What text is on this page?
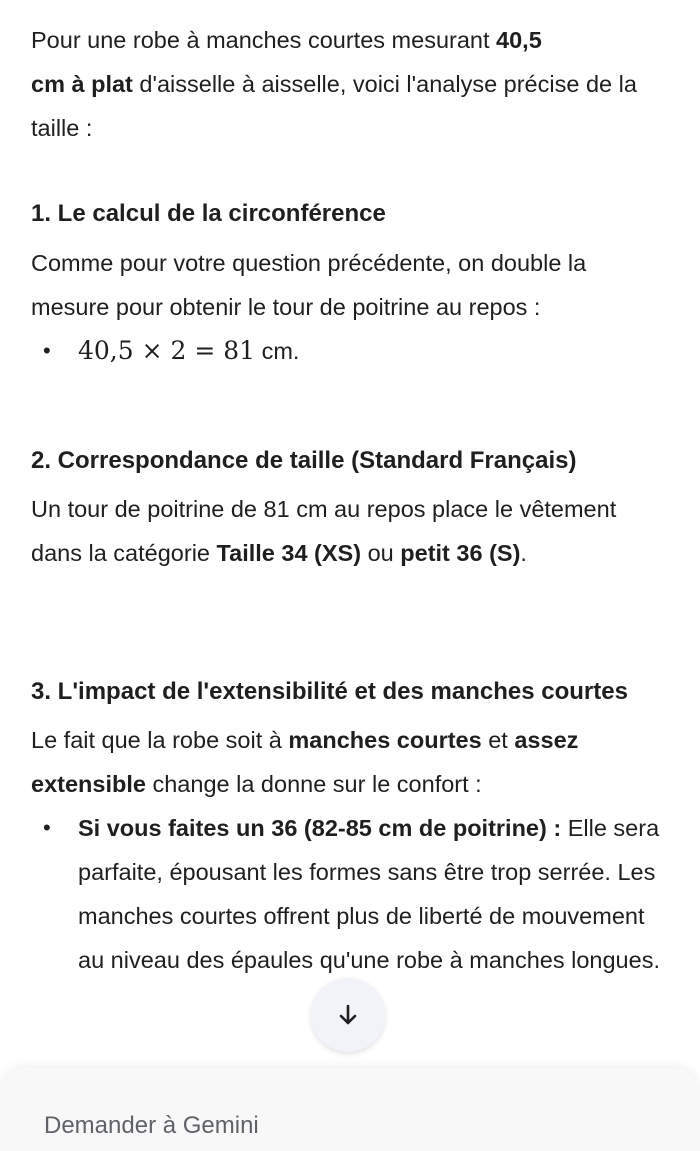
Pour une robe à manches courtes mesurant 40,5
cm à plat d'aisselle à aisselle, voici l'analyse précise de la taille :

1. Le calcul de la circonférence

Comme pour votre question précédente, on double la mesure pour obtenir le tour de poitrine au repos :

• 40,5 × 2 = 81 cm.
2. Correspondance de taille (Standard Français)

Un tour de poitrine de 81 cm au repos place le vêtement dans la catégorie Taille 34 (XS) ou petit 36 (S).

3. L'impact de l'extensibilité et des manches courtes

Le fait que la robe soit à manches courtes et assez extensible change la donne sur le confort :

• Si vous faites un 36 (82-85 cm de poitrine) : Elle sera parfaite, épousant les formes sans être trop serrée. Les manches courtes offrent plus de liberté de mouvement au niveau des épaules qu'une robe à manches longues.
Demander à Gemini
